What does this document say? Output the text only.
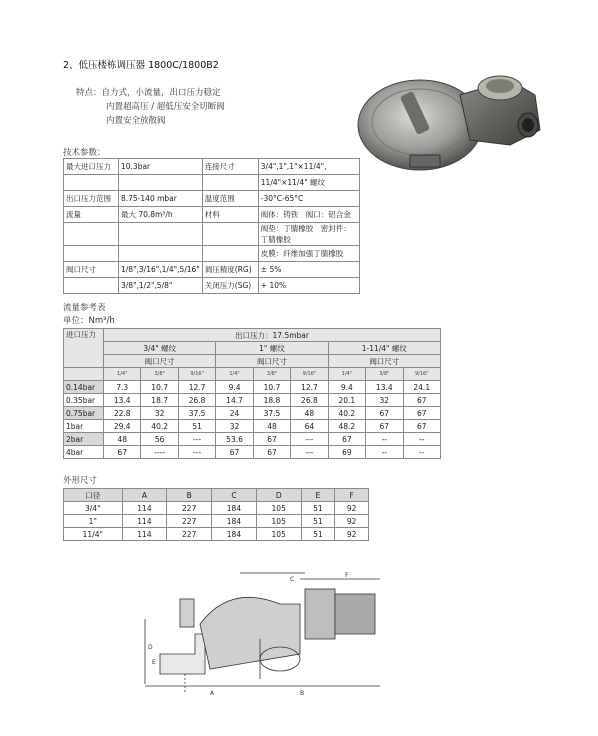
2、低压楼栋调压器 1800C/1800B2
特点：自力式，小流量，出口压力稳定
内置超高压 / 超低压安全切断阀
内置安全放散阀
技术参数：
最大进口压力	10.3bar	连接尺寸	3/4",1",1"×11/4",
			11/4"×11/4" 螺纹
出口压力范围	8.75-140 mbar	温度范围	-30°C-65°C
流量	最大 70.8m³/h	材料	阀体：铸铁　阀口：铝合金
			阀垫：丁腈橡胶　密封件：丁腈橡胶
			皮膜：纤维加强丁腈橡胶
阀口尺寸	1/8",3/16",1/4",5/16"	调压精度(RG)	± 5%
	3/8",1/2",5/8"	关闭压力(SG)	+ 10%
流量参考表
单位：Nm³/h
进口压力	出口压力：17.5mbar								
	3/4" 螺纹			1" 螺纹			1-11/4" 螺纹		
	阀口尺寸			阀口尺寸			阀口尺寸		
	1/4"	3/8"	9/16"	1/4"	3/8"	9/16"	1/4"	3/8"	9/16"
0.14bar	7.3	10.7	12.7	9.4	10.7	12.7	9.4	13.4	24.1
0.35bar	13.4	18.7	26.8	14.7	18.8	26.8	20.1	32	67
0.75bar	22.8	32	37.5	24	37.5	48	40.2	67	67
1bar	29.4	40.2	51	32	48	64	48.2	67	67
2bar	48	56	---	53.6	67	---	67	--	--
4bar	67	----	---	67	67	---	69	--	--
外形尺寸
口径	A	B	C	D	E	F
3/4"	114	227	184	105	51	92
1"	114	227	184	105	51	92
11/4"	114	227	184	105	51	92
A	B
C
D
E
F
